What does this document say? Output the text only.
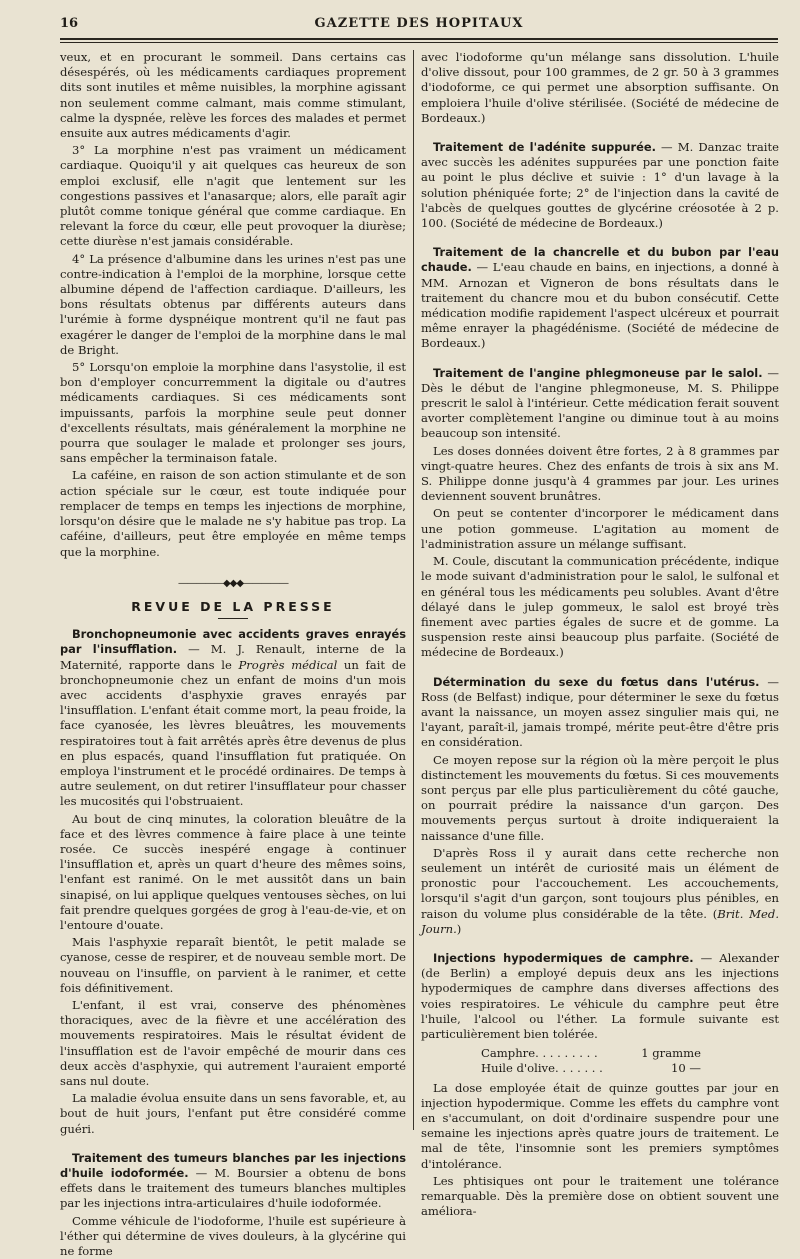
16	GAZETTE DES HOPITAUX

veux, et en procurant le sommeil. Dans certains cas désespérés, où les médicaments cardiaques proprement dits sont inutiles et même nuisibles, la morphine agissant non seulement comme calmant, mais comme stimulant, calme la dyspnée, relève les forces des malades et permet ensuite aux autres médicaments d'agir.

3° La morphine n'est pas vraiment un médicament cardiaque. Quoiqu'il y ait quelques cas heureux de son emploi exclusif, elle n'agit que lentement sur les congestions passives et l'anasarque; alors, elle paraît agir plutôt comme tonique général que comme cardiaque. En relevant la force du cœur, elle peut provoquer la diurèse; cette diurèse n'est jamais considérable.

4° La présence d'albumine dans les urines n'est pas une contre-indication à l'emploi de la morphine, lorsque cette albumine dépend de l'affection cardiaque. D'ailleurs, les bons résultats obtenus par différents auteurs dans l'urémie à forme dyspnéique montrent qu'il ne faut pas exagérer le danger de l'emploi de la morphine dans le mal de Bright.

5° Lorsqu'on emploie la morphine dans l'asystolie, il est bon d'employer concurremment la digitale ou d'autres médicaments cardiaques. Si ces médicaments sont impuissants, parfois la morphine seule peut donner d'excellents résultats, mais généralement la morphine ne pourra que soulager le malade et prolonger ses jours, sans empêcher la terminaison fatale.

La caféine, en raison de son action stimulante et de son action spéciale sur le cœur, est toute indiquée pour remplacer de temps en temps les injections de morphine, lorsqu'on désire que le malade ne s'y habitue pas trop. La caféine, d'ailleurs, peut être employée en même temps que la morphine.

—————◆◆◆—————
REVUE DE LA PRESSE

Bronchopneumonie avec accidents graves enrayés par l'insufflation. — M. J. Renault, interne de la Maternité, rapporte dans le Progrès médical un fait de bronchopneumonie chez un enfant de moins d'un mois avec accidents d'asphyxie graves enrayés par l'insufflation. L'enfant était comme mort, la peau froide, la face cyanosée, les lèvres bleuâtres, les mouvements respiratoires tout à fait arrêtés après être devenus de plus en plus espacés, quand l'insufflation fut pratiquée. On employa l'instrument et le procédé ordinaires. De temps à autre seulement, on dut retirer l'insufflateur pour chasser les mucosités qui l'obstruaient.

Au bout de cinq minutes, la coloration bleuâtre de la face et des lèvres commence à faire place à une teinte rosée. Ce succès inespéré engage à continuer l'insufflation et, après un quart d'heure des mêmes soins, l'enfant est ranimé. On le met aussitôt dans un bain sinapisé, on lui applique quelques ventouses sèches, on lui fait prendre quelques gorgées de grog à l'eau-de-vie, et on l'entoure d'ouate.

Mais l'asphyxie reparaît bientôt, le petit malade se cyanose, cesse de respirer, et de nouveau semble mort. De nouveau on l'insuffle, on parvient à le ranimer, et cette fois définitivement.

L'enfant, il est vrai, conserve des phénomènes thoraciques, avec de la fièvre et une accélération des mouvements respiratoires. Mais le résultat évident de l'insufflation est de l'avoir empêché de mourir dans ces deux accès d'asphyxie, qui autrement l'auraient emporté sans nul doute.

La maladie évolua ensuite dans un sens favorable, et, au bout de huit jours, l'enfant put être considéré comme guéri.

Traitement des tumeurs blanches par les injections d'huile iodoformée. — M. Boursier a obtenu de bons effets dans le traitement des tumeurs blanches multiples par les injections intra-articulaires d'huile iodoformée.

Comme véhicule de l'iodoforme, l'huile est supérieure à l'éther qui détermine de vives douleurs, à la glycérine qui ne forme

avec l'iodoforme qu'un mélange sans dissolution. L'huile d'olive dissout, pour 100 grammes, de 2 gr. 50 à 3 grammes d'iodoforme, ce qui permet une absorption suffisante. On emploiera l'huile d'olive stérilisée. (Société de médecine de Bordeaux.)

Traitement de l'adénite suppurée. — M. Danzac traite avec succès les adénites suppurées par une ponction faite au point le plus déclive et suivie : 1° d'un lavage à la solution phéniquée forte; 2° de l'injection dans la cavité de l'abcès de quelques gouttes de glycérine créosotée à 2 p. 100. (Société de médecine de Bordeaux.)

Traitement de la chancrelle et du bubon par l'eau chaude. — L'eau chaude en bains, en injections, a donné à MM. Arnozan et Vigneron de bons résultats dans le traitement du chancre mou et du bubon consécutif. Cette médication modifie rapidement l'aspect ulcéreux et pourrait même enrayer la phagédénisme. (Société de médecine de Bordeaux.)

Traitement de l'angine phlegmoneuse par le salol. — Dès le début de l'angine phlegmoneuse, M. S. Philippe prescrit le salol à l'intérieur. Cette médication ferait souvent avorter complètement l'angine ou diminue tout à au moins beaucoup son intensité.

Les doses données doivent être fortes, 2 à 8 grammes par vingt-quatre heures. Chez des enfants de trois à six ans M. S. Philippe donne jusqu'à 4 grammes par jour. Les urines deviennent souvent brunâtres.

On peut se contenter d'incorporer le médicament dans une potion gommeuse. L'agitation au moment de l'administration assure un mélange suffisant.

M. Coule, discutant la communication précédente, indique le mode suivant d'administration pour le salol, le sulfonal et en général tous les médicaments peu solubles. Avant d'être délayé dans le julep gommeux, le salol est broyé très finement avec parties égales de sucre et de gomme. La suspension reste ainsi beaucoup plus parfaite. (Société de médecine de Bordeaux.)

Détermination du sexe du fœtus dans l'utérus. — Ross (de Belfast) indique, pour déterminer le sexe du fœtus avant la naissance, un moyen assez singulier mais qui, ne l'ayant, paraît-il, jamais trompé, mérite peut-être d'être pris en considération.

Ce moyen repose sur la région où la mère perçoit le plus distinctement les mouvements du fœtus. Si ces mouvements sont perçus par elle plus particulièrement du côté gauche, on pourrait prédire la naissance d'un garçon. Des mouvements perçus surtout à droite indiqueraient la naissance d'une fille.

D'après Ross il y aurait dans cette recherche non seulement un intérêt de curiosité mais un élément de pronostic pour l'accouchement. Les accouchements, lorsqu'il s'agit d'un garçon, sont toujours plus pénibles, en raison du volume plus considérable de la tête. (Brit. Med. Journ.)

Injections hypodermiques de camphre. — Alexander (de Berlin) a employé depuis deux ans les injections hypodermiques de camphre dans diverses affections des voies respiratoires. Le véhicule du camphre peut être l'huile, l'alcool ou l'éther. La formule suivante est particulièrement bien tolérée.

Camphre. . . . . . . . .	1 gramme
Huile d'olive. . . . . . .	10 —

La dose employée était de quinze gouttes par jour en injection hypodermique. Comme les effets du camphre vont en s'accumulant, on doit d'ordinaire suspendre pour une semaine les injections après quatre jours de traitement. Le mal de tête, l'insomnie sont les premiers symptômes d'intolérance.

Les phtisiques ont pour le traitement une tolérance remarquable. Dès la première dose on obtient souvent une améliora-
